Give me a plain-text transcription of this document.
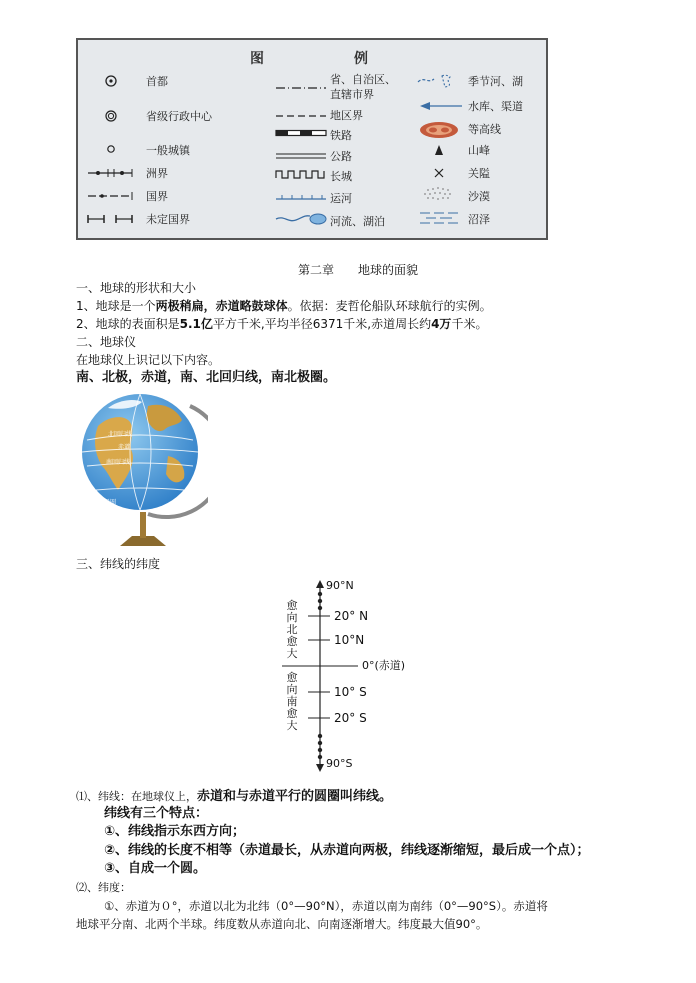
图	例
首都
省级行政中心
一般城镇
洲界
国界
未定国界
省、自治区、
直辖市界
地区界
铁路
公路
长城
运河
河流、湖泊
季节河、湖
水库、渠道
等高线
山峰
关隘
沙漠
沼泽
第二章　　地球的面貌
一、地球的形状和大小
1、地球是一个两极稍扁，赤道略鼓球体。依据：麦哲伦船队环球航行的实例。
2、地球的表面积是5.1亿平方千米,平均半径6371千米,赤道周长约4万千米。
二、地球仪
在地球仪上识记以下内容。
南、北极，赤道，南、北回归线，南北极圈。
北回归线
赤道
南回归线
南极圈
三、纬线的纬度
90°N
20° N
10°N
0°(赤道)
10° S
20° S
90°S
愈向北愈大
愈向南愈大
⑴、纬线：在地球仪上，赤道和与赤道平行的圆圈叫纬线。
纬线有三个特点：
①、纬线指示东西方向；
②、纬线的长度不相等（赤道最长，从赤道向两极，纬线逐渐缩短，最后成一个点）；
③、自成一个圆。
⑵、纬度：
①、赤道为０°，赤道以北为北纬（0°—90°N），赤道以南为南纬（0°—90°S）。赤道将
地球平分南、北两个半球。纬度数从赤道向北、向南逐渐增大。纬度最大值90°。
